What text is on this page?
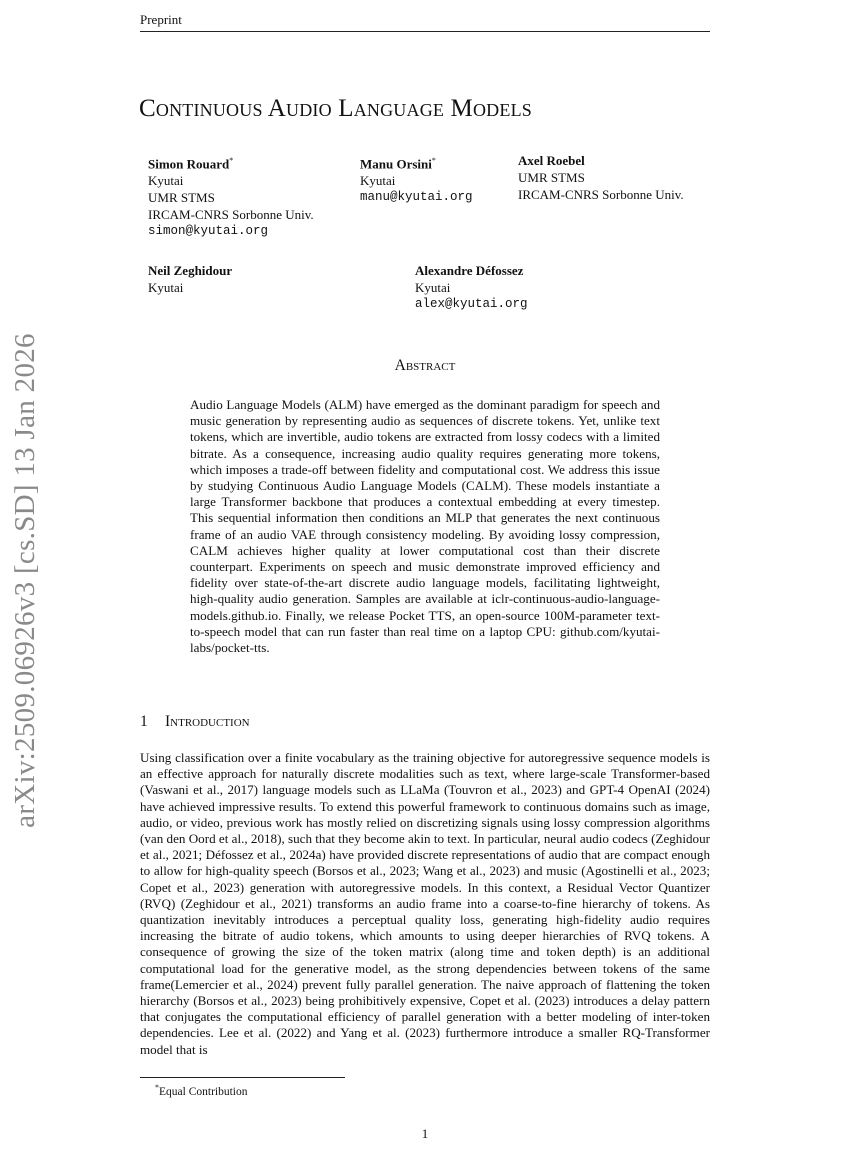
Preprint
arXiv:2509.06926v3 [cs.SD] 13 Jan 2026
Continuous Audio Language Models
Simon Rouard*
Kyutai
UMR STMS
IRCAM-CNRS Sorbonne Univ.
simon@kyutai.org
Manu Orsini*
Kyutai
manu@kyutai.org
Axel Roebel
UMR STMS
IRCAM-CNRS Sorbonne Univ.
Neil Zeghidour
Kyutai
Alexandre Défossez
Kyutai
alex@kyutai.org
Abstract
Audio Language Models (ALM) have emerged as the dominant paradigm for speech and music generation by representing audio as sequences of discrete tokens. Yet, unlike text tokens, which are invertible, audio tokens are extracted from lossy codecs with a limited bitrate. As a consequence, increasing audio quality requires generating more tokens, which imposes a trade-off between fidelity and computational cost. We address this issue by studying Continuous Audio Language Models (CALM). These models instantiate a large Transformer backbone that produces a contextual embedding at every timestep. This sequential information then conditions an MLP that generates the next continuous frame of an audio VAE through consistency modeling. By avoiding lossy compression, CALM achieves higher quality at lower computational cost than their discrete counterpart. Experiments on speech and music demonstrate improved efficiency and fidelity over state-of-the-art discrete audio language models, facilitating lightweight, high-quality audio generation. Samples are available at iclr-continuous-audio-language-models.github.io. Finally, we release Pocket TTS, an open-source 100M-parameter text-to-speech model that can run faster than real time on a laptop CPU: github.com/kyutai-labs/pocket-tts.
1 Introduction
Using classification over a finite vocabulary as the training objective for autoregressive sequence models is an effective approach for naturally discrete modalities such as text, where large-scale Transformer-based (Vaswani et al., 2017) language models such as LLaMa (Touvron et al., 2023) and GPT-4 OpenAI (2024) have achieved impressive results. To extend this powerful framework to continuous domains such as image, audio, or video, previous work has mostly relied on discretizing signals using lossy compression algorithms (van den Oord et al., 2018), such that they become akin to text. In particular, neural audio codecs (Zeghidour et al., 2021; Défossez et al., 2024a) have provided discrete representations of audio that are compact enough to allow for high-quality speech (Borsos et al., 2023; Wang et al., 2023) and music (Agostinelli et al., 2023; Copet et al., 2023) generation with autoregressive models. In this context, a Residual Vector Quantizer (RVQ) (Zeghidour et al., 2021) transforms an audio frame into a coarse-to-fine hierarchy of tokens. As quantization inevitably introduces a perceptual quality loss, generating high-fidelity audio requires increasing the bitrate of audio tokens, which amounts to using deeper hierarchies of RVQ tokens. A consequence of growing the size of the token matrix (along time and token depth) is an additional computational load for the generative model, as the strong dependencies between tokens of the same frame(Lemercier et al., 2024) prevent fully parallel generation. The naive approach of flattening the token hierarchy (Borsos et al., 2023) being prohibitively expensive, Copet et al. (2023) introduces a delay pattern that conjugates the computational efficiency of parallel generation with a better modeling of inter-token dependencies. Lee et al. (2022) and Yang et al. (2023) furthermore introduce a smaller RQ-Transformer model that is
*Equal Contribution
1
